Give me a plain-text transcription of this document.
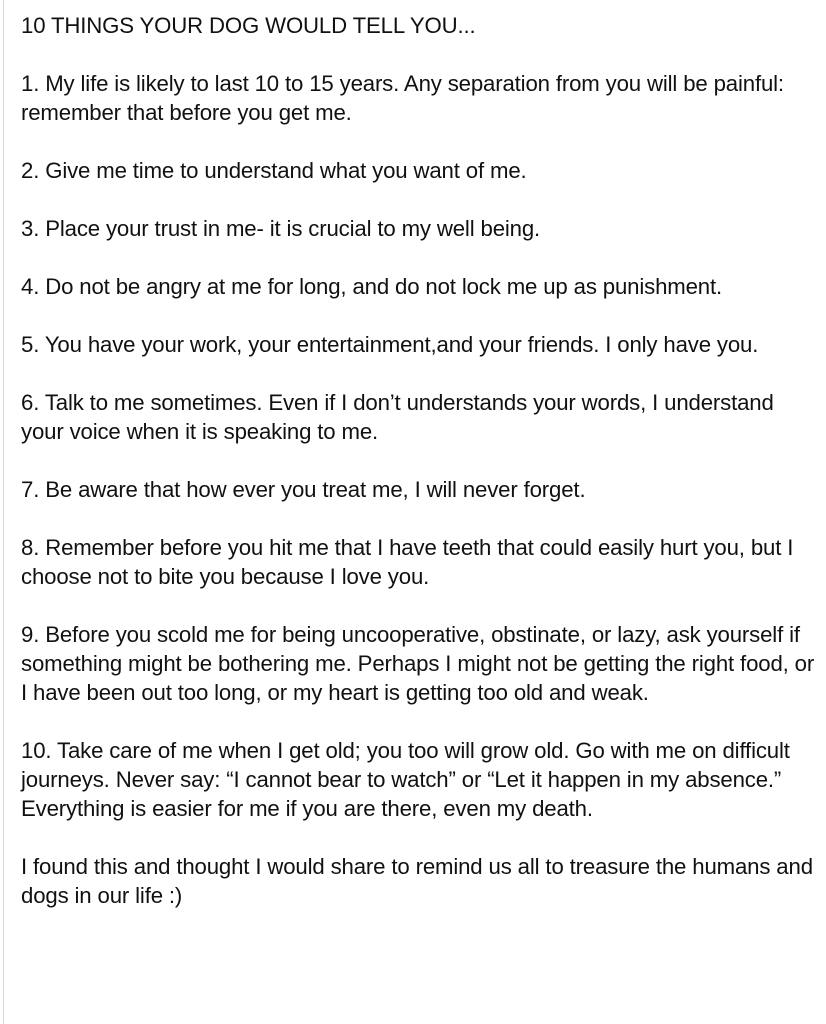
10 THINGS YOUR DOG WOULD TELL YOU...
1. My life is likely to last 10 to 15 years. Any separation from you will be painful: remember that before you get me.
2. Give me time to understand what you want of me.
3. Place your trust in me- it is crucial to my well being.
4. Do not be angry at me for long, and do not lock me up as punishment.
5. You have your work, your entertainment,and your friends. I only have you.
6. Talk to me sometimes. Even if I don’t understands your words, I understand your voice when it is speaking to me.
7. Be aware that how ever you treat me, I will never forget.
8. Remember before you hit me that I have teeth that could easily hurt you, but I choose not to bite you because I love you.
9. Before you scold me for being uncooperative, obstinate, or lazy, ask yourself if something might be bothering me. Perhaps I might not be getting the right food, or I have been out too long, or my heart is getting too old and weak.
10. Take care of me when I get old; you too will grow old. Go with me on difficult journeys. Never say: “I cannot bear to watch” or “Let it happen in my absence.” Everything is easier for me if you are there, even my death.
I found this and thought I would share to remind us all to treasure the humans and dogs in our life :)
